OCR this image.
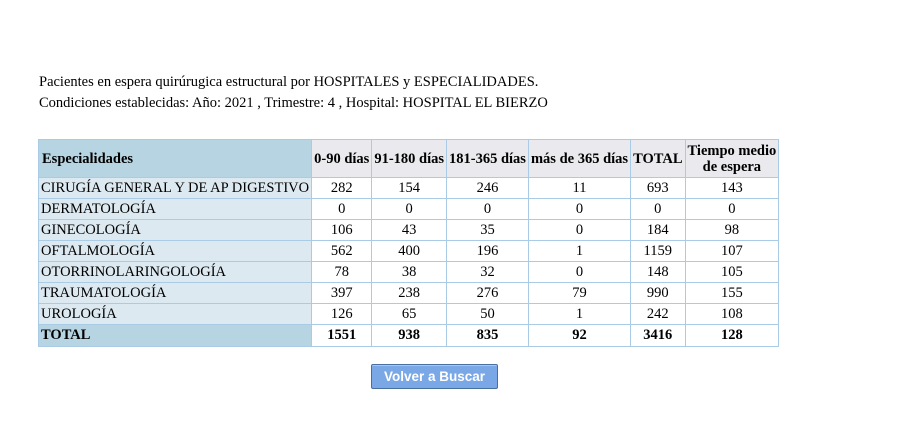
Pacientes en espera quirúrugica estructural por HOSPITALES y ESPECIALIDADES.
Condiciones establecidas: Año: 2021 , Trimestre: 4 , Hospital: HOSPITAL EL BIERZO
Especialidades	0-90 días	91-180 días	181-365 días	más de 365 días	TOTAL	Tiempo medio
de espera
CIRUGÍA GENERAL Y DE AP DIGESTIVO	282	154	246	11	693	143
DERMATOLOGÍA	0	0	0	0	0	0
GINECOLOGÍA	106	43	35	0	184	98
OFTALMOLOGÍA	562	400	196	1	1159	107
OTORRINOLARINGOLOGÍA	78	38	32	0	148	105
TRAUMATOLOGÍA	397	238	276	79	990	155
UROLOGÍA	126	65	50	1	242	108
TOTAL	1551	938	835	92	3416	128
Volver a Buscar
